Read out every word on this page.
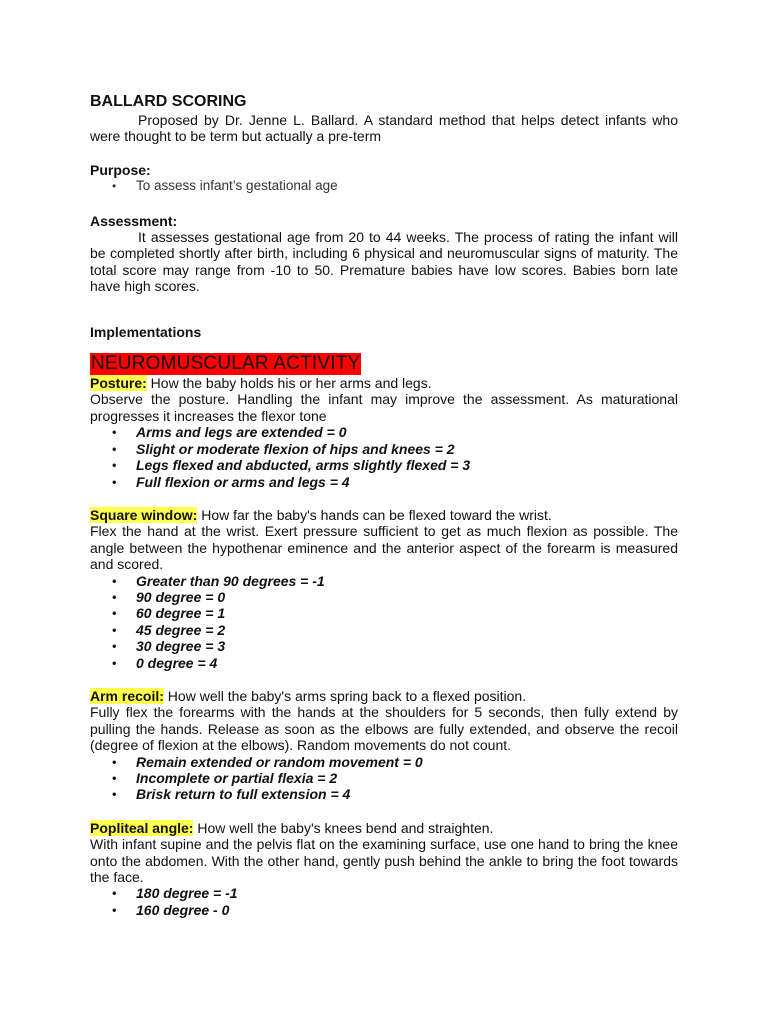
BALLARD SCORING

Proposed by Dr. Jenne L. Ballard. A standard method that helps detect infants who were thought to be term but actually a pre-term

Purpose:

• To assess infant’s gestational age

Assessment:

It assesses gestational age from 20 to 44 weeks. The process of rating the infant will be completed shortly after birth, including 6 physical and neuromuscular signs of maturity. The total score may range from -10 to 50. Premature babies have low scores. Babies born late have high scores.

Implementations

NEUROMUSCULAR ACTIVITY

Posture: How the baby holds his or her arms and legs.

Observe the posture. Handling the infant may improve the assessment. As maturational progresses it increases the flexor tone

• Arms and legs are extended = 0
• Slight or moderate flexion of hips and knees = 2
• Legs flexed and abducted, arms slightly flexed = 3
• Full flexion or arms and legs = 4

Square window: How far the baby's hands can be flexed toward the wrist.

Flex the hand at the wrist. Exert pressure sufficient to get as much flexion as possible. The angle between the hypothenar eminence and the anterior aspect of the forearm is measured and scored.

• Greater than 90 degrees = -1
• 90 degree = 0
• 60 degree = 1
• 45 degree = 2
• 30 degree = 3
• 0 degree = 4

Arm recoil: How well the baby's arms spring back to a flexed position.

Fully flex the forearms with the hands at the shoulders for 5 seconds, then fully extend by pulling the hands. Release as soon as the elbows are fully extended, and observe the recoil (degree of flexion at the elbows). Random movements do not count.

• Remain extended or random movement = 0
• Incomplete or partial flexia = 2
• Brisk return to full extension = 4

Popliteal angle: How well the baby's knees bend and straighten.

With infant supine and the pelvis flat on the examining surface, use one hand to bring the knee onto the abdomen. With the other hand, gently push behind the ankle to bring the foot towards the face.

• 180 degree = -1
• 160 degree - 0
